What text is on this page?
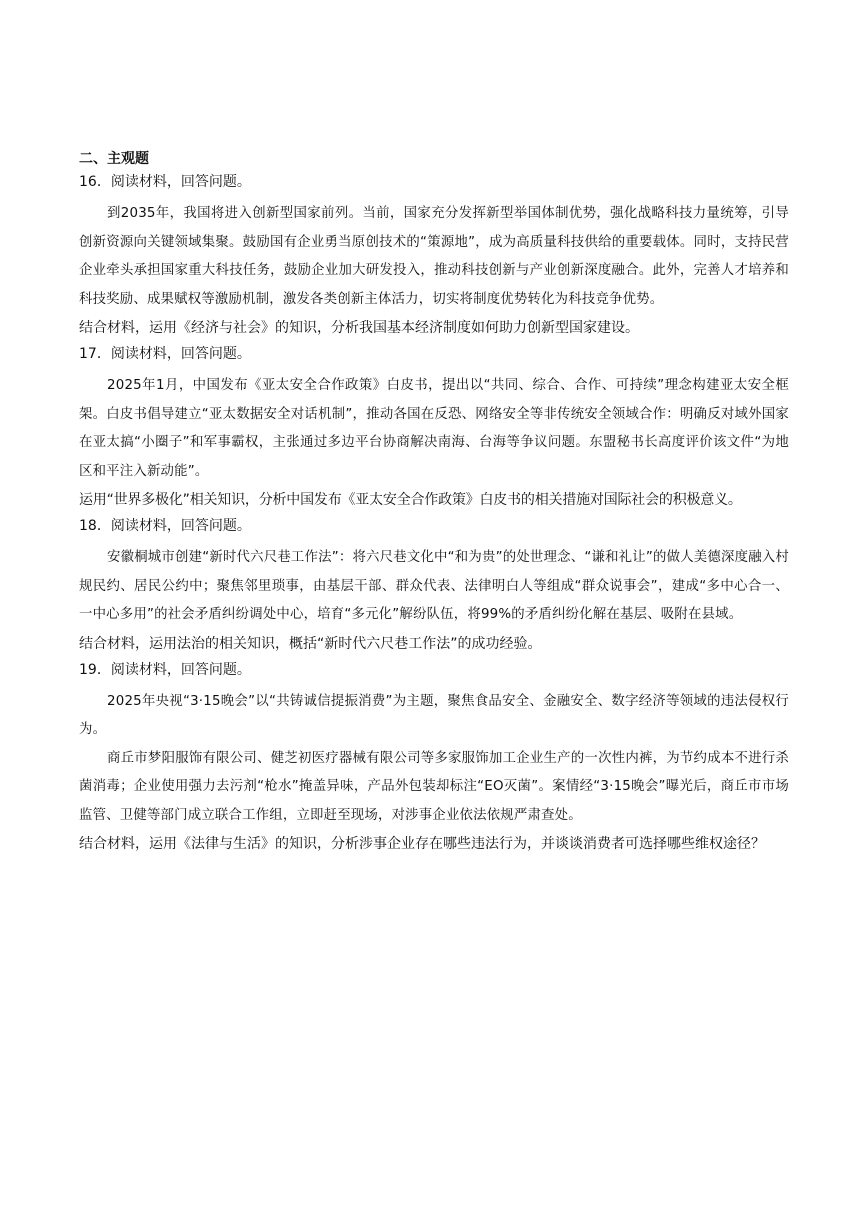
二、主观题

16．阅读材料，回答问题。

到2035年，我国将进入创新型国家前列。当前，国家充分发挥新型举国体制优势，强化战略科技力量统筹，引导创新资源向关键领域集聚。鼓励国有企业勇当原创技术的“策源地”，成为高质量科技供给的重要载体。同时，支持民营企业牵头承担国家重大科技任务，鼓励企业加大研发投入，推动科技创新与产业创新深度融合。此外，完善人才培养和科技奖励、成果赋权等激励机制，激发各类创新主体活力，切实将制度优势转化为科技竞争优势。

结合材料，运用《经济与社会》的知识，分析我国基本经济制度如何助力创新型国家建设。

17．阅读材料，回答问题。

2025年1月，中国发布《亚太安全合作政策》白皮书，提出以“共同、综合、合作、可持续”理念构建亚太安全框架。白皮书倡导建立“亚太数据安全对话机制”，推动各国在反恐、网络安全等非传统安全领域合作：明确反对域外国家在亚太搞“小圈子”和军事霸权，主张通过多边平台协商解决南海、台海等争议问题。东盟秘书长高度评价该文件“为地区和平注入新动能”。

运用“世界多极化”相关知识，分析中国发布《亚太安全合作政策》白皮书的相关措施对国际社会的积极意义。

18．阅读材料，回答问题。

安徽桐城市创建“新时代六尺巷工作法”：将六尺巷文化中“和为贵”的处世理念、“谦和礼让”的做人美德深度融入村规民约、居民公约中；聚焦邻里琐事，由基层干部、群众代表、法律明白人等组成“群众说事会”，建成“多中心合一、一中心多用”的社会矛盾纠纷调处中心，培育“多元化”解纷队伍，将99%的矛盾纠纷化解在基层、吸附在县域。

结合材料，运用法治的相关知识，概括“新时代六尺巷工作法”的成功经验。

19．阅读材料，回答问题。

2025年央视“3·15晚会”以“共铸诚信提振消费”为主题，聚焦食品安全、金融安全、数字经济等领域的违法侵权行为。

商丘市梦阳服饰有限公司、健芝初医疗器械有限公司等多家服饰加工企业生产的一次性内裤，为节约成本不进行杀菌消毒；企业使用强力去污剂“枪水”掩盖异味，产品外包装却标注“EO灭菌”。案情经“3·15晚会”曝光后，商丘市市场监管、卫健等部门成立联合工作组，立即赶至现场，对涉事企业依法依规严肃查处。

结合材料，运用《法律与生活》的知识，分析涉事企业存在哪些违法行为，并谈谈消费者可选择哪些维权途径？
